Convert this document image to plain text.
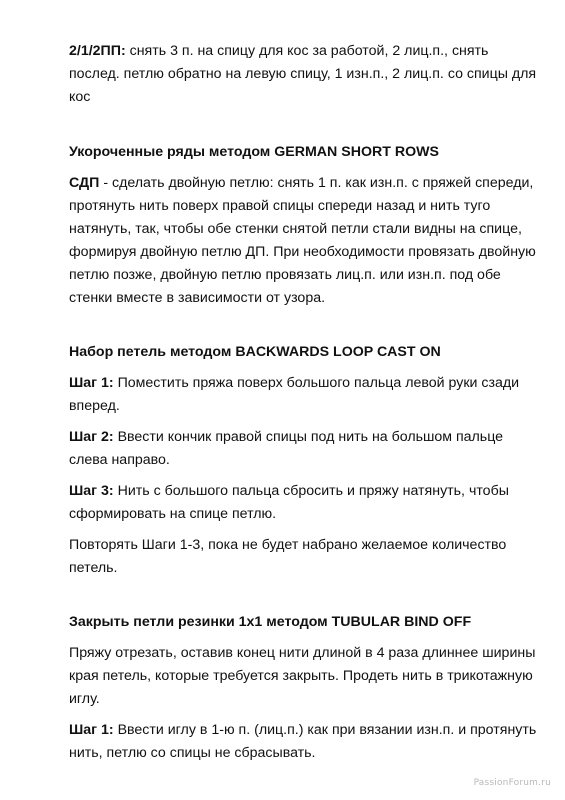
2/1/2ПП: снять 3 п. на спицу для кос за работой, 2 лиц.п., снять послед. петлю обратно на левую спицу, 1 изн.п., 2 лиц.п. со спицы для кос

Укороченные ряды методом GERMAN SHORT ROWS

СДП - сделать двойную петлю: снять 1 п. как изн.п. с пряжей спереди, протянуть нить поверх правой спицы спереди назад и нить туго натянуть, так, чтобы обе стенки снятой петли стали видны на спице, формируя двойную петлю ДП. При необходимости провязать двойную петлю позже, двойную петлю провязать лиц.п. или изн.п. под обе стенки вместе в зависимости от узора.

Набор петель методом BACKWARDS LOOP CAST ON

Шаг 1: Поместить пряжа поверх большого пальца левой руки сзади вперед.

Шаг 2: Ввести кончик правой спицы под нить на большом пальце слева направо.

Шаг 3: Нить с большого пальца сбросить и пряжу натянуть, чтобы сформировать на спице петлю.

Повторять Шаги 1-3, пока не будет набрано желаемое количество петель.

Закрыть петли резинки 1х1 методом TUBULAR BIND OFF

Пряжу отрезать, оставив конец нити длиной в 4 раза длиннее ширины края петель, которые требуется закрыть. Продеть нить в трикотажную иглу.

Шаг 1: Ввести иглу в 1-ю п. (лиц.п.) как при вязании изн.п. и протянуть нить, петлю со спицы не сбрасывать.

PassionForum.ru
